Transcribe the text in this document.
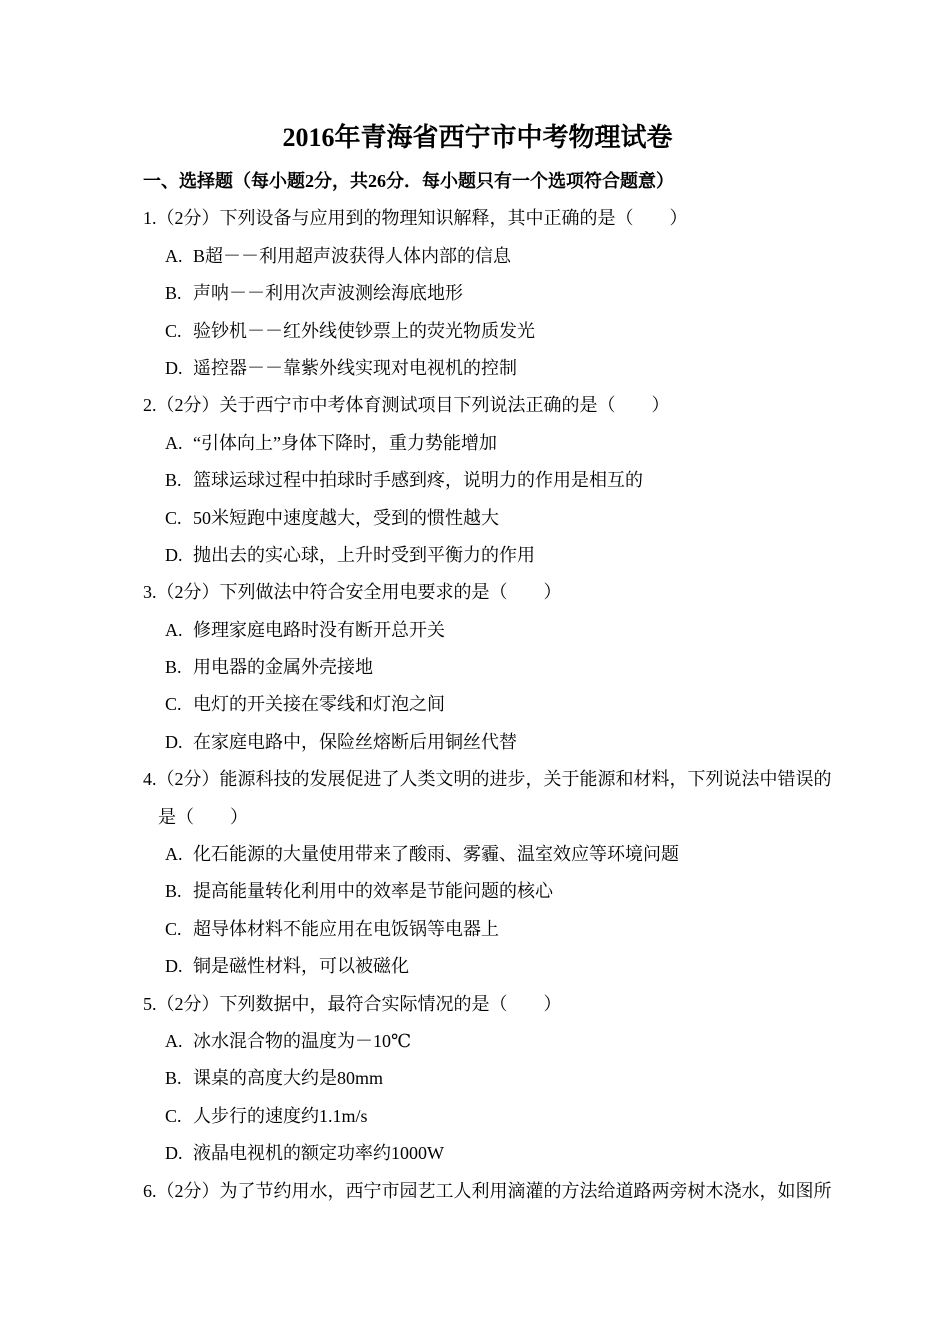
2016年青海省西宁市中考物理试卷
一、选择题（每小题2分，共26分．每小题只有一个选项符合题意）
1.（2分）下列设备与应用到的物理知识解释，其中正确的是（　　）
A. B超－－利用超声波获得人体内部的信息
B. 声呐－－利用次声波测绘海底地形
C. 验钞机－－红外线使钞票上的荧光物质发光
D. 遥控器－－靠紫外线实现对电视机的控制
2.（2分）关于西宁市中考体育测试项目下列说法正确的是（　　）
A. “引体向上”身体下降时，重力势能增加
B. 篮球运球过程中拍球时手感到疼，说明力的作用是相互的
C. 50米短跑中速度越大，受到的惯性越大
D. 抛出去的实心球，上升时受到平衡力的作用
3.（2分）下列做法中符合安全用电要求的是（　　）
A. 修理家庭电路时没有断开总开关
B. 用电器的金属外壳接地
C. 电灯的开关接在零线和灯泡之间
D. 在家庭电路中，保险丝熔断后用铜丝代替
4.（2分）能源科技的发展促进了人类文明的进步，关于能源和材料，下列说法中错误的
是（　　）
A. 化石能源的大量使用带来了酸雨、雾霾、温室效应等环境问题
B. 提高能量转化利用中的效率是节能问题的核心
C. 超导体材料不能应用在电饭锅等电器上
D. 铜是磁性材料，可以被磁化
5.（2分）下列数据中，最符合实际情况的是（　　）
A. 冰水混合物的温度为－10℃
B. 课桌的高度大约是80mm
C. 人步行的速度约1.1m/s
D. 液晶电视机的额定功率约1000W
6.（2分）为了节约用水，西宁市园艺工人利用滴灌的方法给道路两旁树木浇水，如图所
